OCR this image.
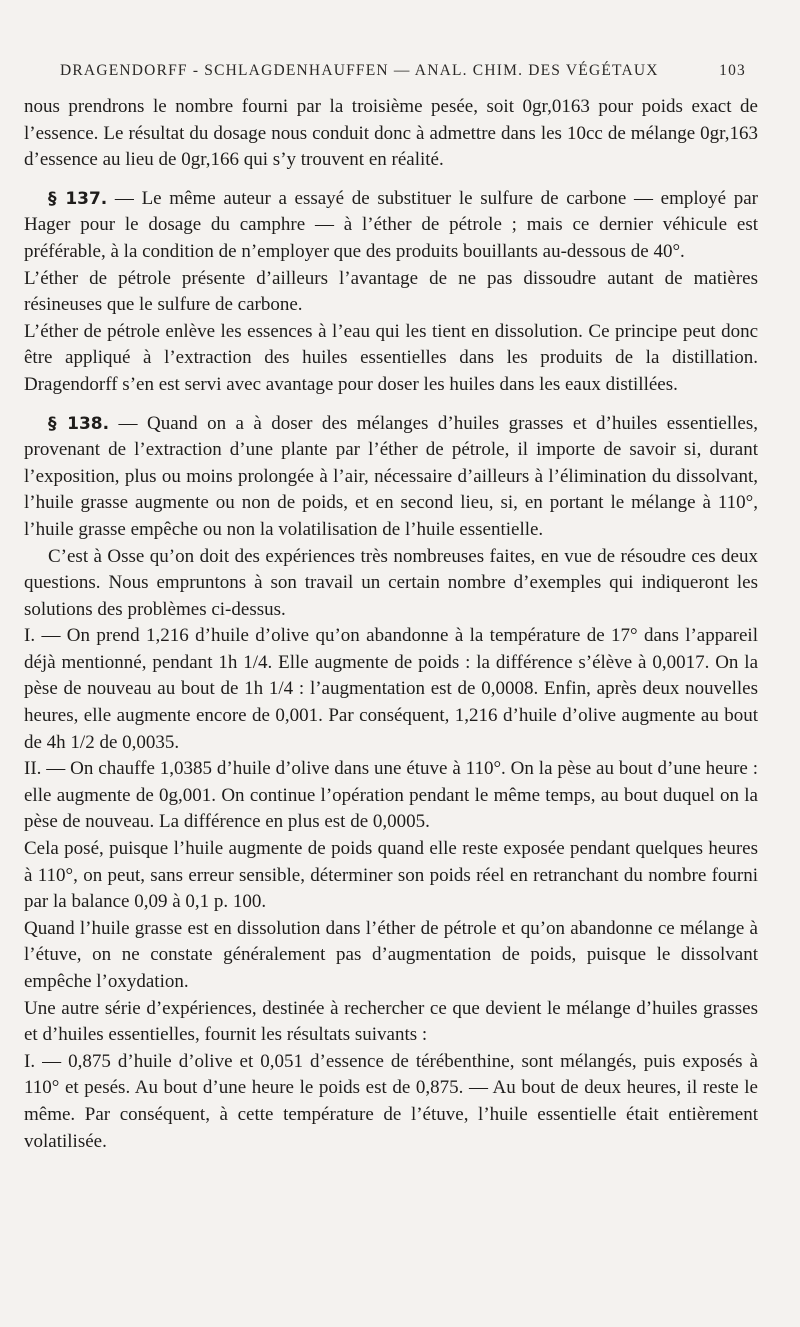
DRAGENDORFF - SCHLAGDENHAUFFEN — ANAL. CHIM. DES VÉGÉTAUX	103

nous prendrons le nombre fourni par la troisième pesée, soit 0gr,0163 pour poids exact de l’essence. Le résultat du dosage nous conduit donc à admettre dans les 10cc de mélange 0gr,163 d’essence au lieu de 0gr,166 qui s’y trouvent en réalité.

§ 137. — Le même auteur a essayé de substituer le sulfure de carbone — employé par Hager pour le dosage du camphre — à l’éther de pétrole ; mais ce dernier véhicule est préférable, à la condition de n’employer que des produits bouillants au-dessous de 40°.

L’éther de pétrole présente d’ailleurs l’avantage de ne pas dissoudre autant de matières résineuses que le sulfure de carbone.

L’éther de pétrole enlève les essences à l’eau qui les tient en dissolution. Ce principe peut donc être appliqué à l’extraction des huiles essentielles dans les produits de la distillation. Dragendorff s’en est servi avec avantage pour doser les huiles dans les eaux distillées.

§ 138. — Quand on a à doser des mélanges d’huiles grasses et d’huiles essentielles, provenant de l’extraction d’une plante par l’éther de pétrole, il importe de savoir si, durant l’exposition, plus ou moins prolongée à l’air, nécessaire d’ailleurs à l’élimination du dissolvant, l’huile grasse augmente ou non de poids, et en second lieu, si, en portant le mélange à 110°, l’huile grasse empêche ou non la volatilisation de l’huile essentielle.

C’est à Osse qu’on doit des expériences très nombreuses faites, en vue de résoudre ces deux questions. Nous empruntons à son travail un certain nombre d’exemples qui indiqueront les solutions des problèmes ci-dessus.

I. — On prend 1,216 d’huile d’olive qu’on abandonne à la température de 17° dans l’appareil déjà mentionné, pendant 1h 1/4. Elle augmente de poids : la différence s’élève à 0,0017. On la pèse de nouveau au bout de 1h 1/4 : l’augmentation est de 0,0008. Enfin, après deux nouvelles heures, elle augmente encore de 0,001. Par conséquent, 1,216 d’huile d’olive augmente au bout de 4h 1/2 de 0,0035.

II. — On chauffe 1,0385 d’huile d’olive dans une étuve à 110°. On la pèse au bout d’une heure : elle augmente de 0g,001. On continue l’opération pendant le même temps, au bout duquel on la pèse de nouveau. La différence en plus est de 0,0005.

Cela posé, puisque l’huile augmente de poids quand elle reste exposée pendant quelques heures à 110°, on peut, sans erreur sensible, déterminer son poids réel en retranchant du nombre fourni par la balance 0,09 à 0,1 p. 100.

Quand l’huile grasse est en dissolution dans l’éther de pétrole et qu’on abandonne ce mélange à l’étuve, on ne constate généralement pas d’augmentation de poids, puisque le dissolvant empêche l’oxydation.

Une autre série d’expériences, destinée à rechercher ce que devient le mélange d’huiles grasses et d’huiles essentielles, fournit les résultats suivants :

I. — 0,875 d’huile d’olive et 0,051 d’essence de térébenthine, sont mélangés, puis exposés à 110° et pesés. Au bout d’une heure le poids est de 0,875. — Au bout de deux heures, il reste le même. Par conséquent, à cette température de l’étuve, l’huile essentielle était entièrement volatilisée.
